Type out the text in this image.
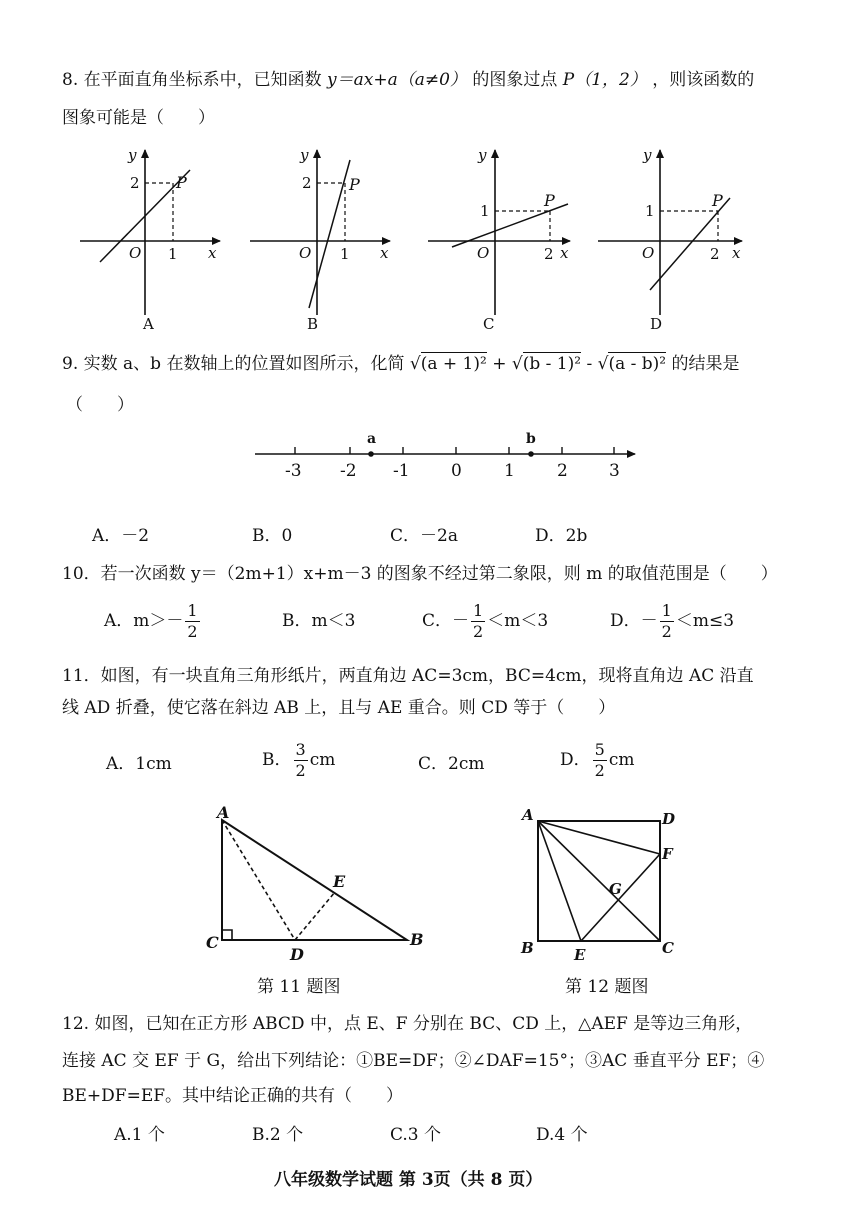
8. 在平面直角坐标系中，已知函数 y＝ax+a（a≠0） 的图象过点 P（1，2） ，则该函数的
图象可能是（　　）
y
x
O
2
1
P
A
y
x
O
2
1
P
B
y
x
O
1
2
P
C
y
x
O
1
2
P
D
9. 实数 a、b 在数轴上的位置如图所示，化简 √(a + 1)² + √(b - 1)² - √(a - b)² 的结果是
（　　）
a	b
-3 -2 -1 0 1 2 3
A．－2	B．0	C．－2a	D．2b
10．若一次函数 y＝（2m+1）x+m－3 的图象不经过第二象限，则 m 的取值范围是（　　）
A．$m>- \frac{1}{2}$	B．m＜3	C．－ $\frac{1}{2} <m<3$	D．－ $\frac{1}{2} <m\le 3$
11．如图，有一块直角三角形纸片，两直角边 AC=3cm，BC=4cm，现将直角边 AC 沿直
线 AD 折叠，使它落在斜边 AB 上，且与 AE 重合。则 CD 等于（　　）
A．1cm	B． $\frac{3}{2}$ cm	C．2cm	D． $\frac{5}{2}$ cm
A
C
D
E
B
第 11 题图
A	D
F
G
B	E	C
第 12 题图
12. 如图，已知在正方形 ABCD 中，点 E、F 分别在 BC、CD 上，△AEF 是等边三角形，
连接 AC 交 EF 于 G，给出下列结论：①BE=DF；②∠DAF=15°；③AC 垂直平分 EF；④
BE+DF=EF。其中结论正确的共有（　　）
A.1 个	B.2 个	C.3 个	D.4 个
八年级数学试题 第 3页（共 8 页）
